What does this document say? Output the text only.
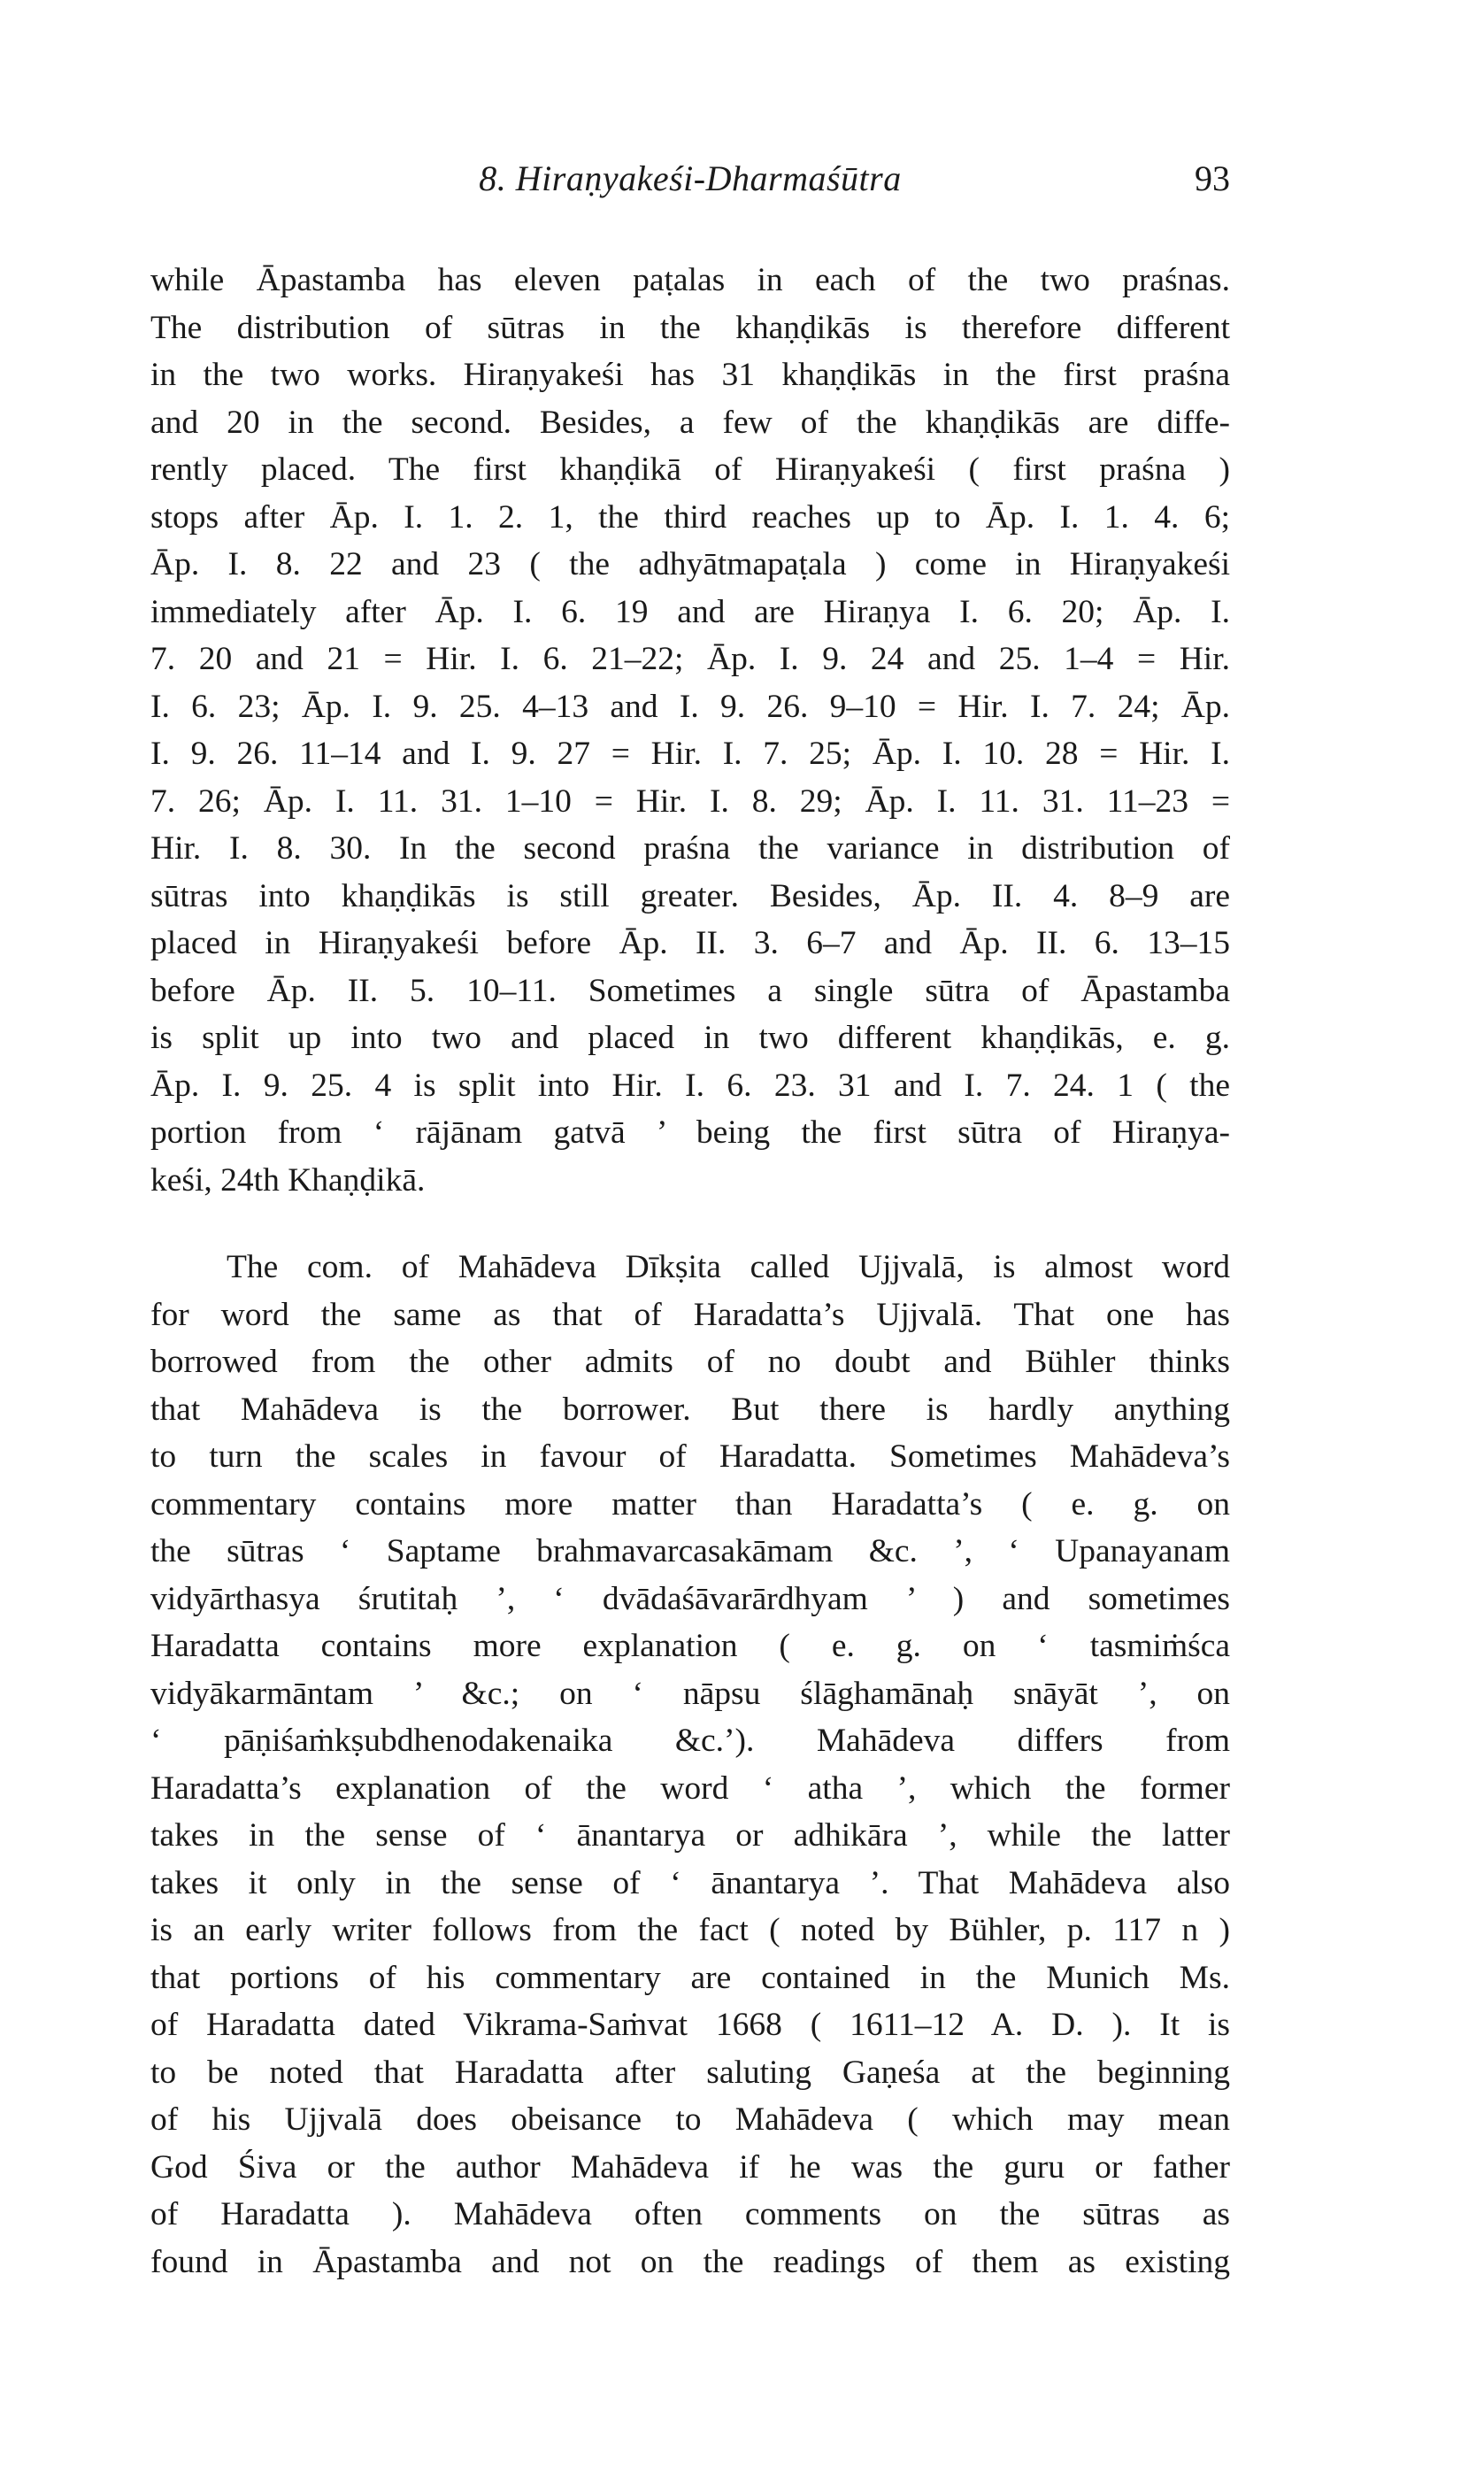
8. Hiraṇyakeśi-Dharmaśūtra	93
while Āpastamba has eleven paṭalas in each of the two praśnas.
The distribution of sūtras in the khaṇḍikās is therefore different
in the two works. Hiraṇyakeśi has 31 khaṇḍikās in the first praśna
and 20 in the second. Besides, a few of the khaṇḍikās are diffe-
rently placed. The first khaṇḍikā of Hiraṇyakeśi ( first praśna )
stops after Āp. I. 1. 2. 1, the third reaches up to Āp. I. 1. 4. 6;
Āp. I. 8. 22 and 23 ( the adhyātmapaṭala ) come in Hiraṇyakeśi
immediately after Āp. I. 6. 19 and are Hiraṇya I. 6. 20; Āp. I.
7. 20 and 21 = Hir. I. 6. 21–22; Āp. I. 9. 24 and 25. 1–4 = Hir.
I. 6. 23; Āp. I. 9. 25. 4–13 and I. 9. 26. 9–10 = Hir. I. 7. 24; Āp.
I. 9. 26. 11–14 and I. 9. 27 = Hir. I. 7. 25; Āp. I. 10. 28 = Hir. I.
7. 26; Āp. I. 11. 31. 1–10 = Hir. I. 8. 29; Āp. I. 11. 31. 11–23 =
Hir. I. 8. 30. In the second praśna the variance in distribution of
sūtras into khaṇḍikās is still greater. Besides, Āp. II. 4. 8–9 are
placed in Hiraṇyakeśi before Āp. II. 3. 6–7 and Āp. II. 6. 13–15
before Āp. II. 5. 10–11. Sometimes a single sūtra of Āpastamba
is split up into two and placed in two different khaṇḍikās, e. g.
Āp. I. 9. 25. 4 is split into Hir. I. 6. 23. 31 and I. 7. 24. 1 ( the
portion from ‘ rājānam gatvā ’ being the first sūtra of Hiraṇya-
keśi, 24th Khaṇḍikā.
The com. of Mahādeva Dīkṣita called Ujjvalā, is almost word
for word the same as that of Haradatta’s Ujjvalā. That one has
borrowed from the other admits of no doubt and Bühler thinks
that Mahādeva is the borrower. But there is hardly anything
to turn the scales in favour of Haradatta. Sometimes Mahādeva’s
commentary contains more matter than Haradatta’s ( e. g. on
the sūtras ‘ Saptame brahmavarcasakāmam &c. ’, ‘ Upanayanam
vidyārthasya śrutitaḥ ’, ‘ dvādaśāvarārdhyam ’ ) and sometimes
Haradatta contains more explanation ( e. g. on ‘ tasmiṁśca
vidyākarmāntam ’ &c.; on ‘ nāpsu ślāghamānaḥ snāyāt ’, on
‘ pāṇiśaṁkṣubdhenodakenaika &c.’). Mahādeva differs from
Haradatta’s explanation of the word ‘ atha ’, which the former
takes in the sense of ‘ ānantarya or adhikāra ’, while the latter
takes it only in the sense of ‘ ānantarya ’. That Mahādeva also
is an early writer follows from the fact ( noted by Bühler, p. 117 n )
that portions of his commentary are contained in the Munich Ms.
of Haradatta dated Vikrama-Saṁvat 1668 ( 1611–12 A. D. ). It is
to be noted that Haradatta after saluting Gaṇeśa at the beginning
of his Ujjvalā does obeisance to Mahādeva ( which may mean
God Śiva or the author Mahādeva if he was the guru or father
of Haradatta ). Mahādeva often comments on the sūtras as
found in Āpastamba and not on the readings of them as existing
